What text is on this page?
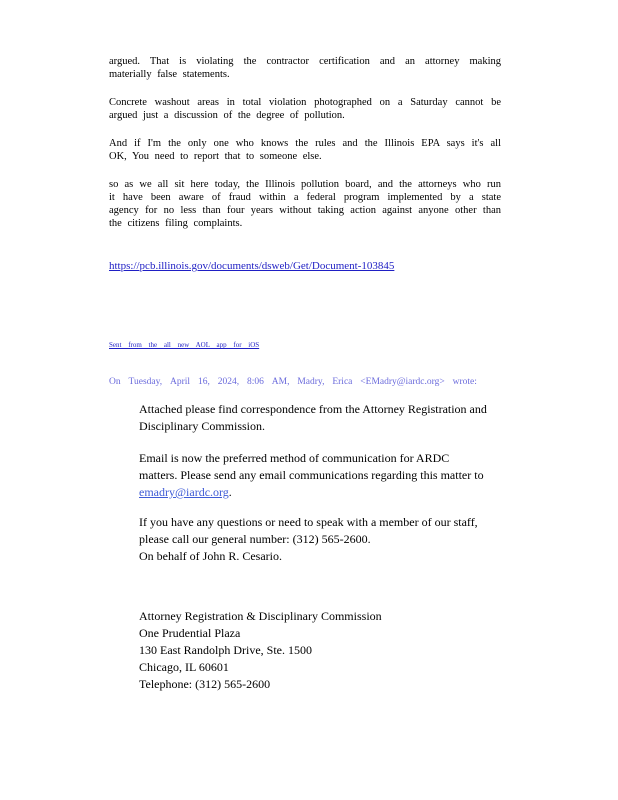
argued. That is violating the contractor certification and an attorney making materially false statements.

Concrete washout areas in total violation photographed on a Saturday cannot be argued just a discussion of the degree of pollution.

And if I'm the only one who knows the rules and the Illinois EPA says it's all OK, You need to report that to someone else.

so as we all sit here today, the Illinois pollution board, and the attorneys who run it have been aware of fraud within a federal program implemented by a state agency for no less than four years without taking action against anyone other than the citizens filing complaints.

https://pcb.illinois.gov/documents/dsweb/Get/Document-103845
Sent from the all new AOL app for iOS
On Tuesday, April 16, 2024, 8:06 AM, Madry, Erica <EMadry@iardc.org> wrote:

Attached please find correspondence from the Attorney Registration and Disciplinary Commission.

Email is now the preferred method of communication for ARDC matters. Please send any email communications regarding this matter to emadry@iardc.org.

If you have any questions or need to speak with a member of our staff, please call our general number: (312) 565-2600.

On behalf of John R. Cesario.

Attorney Registration & Disciplinary Commission
One Prudential Plaza
130 East Randolph Drive, Ste. 1500
Chicago, IL 60601
Telephone: (312) 565-2600
